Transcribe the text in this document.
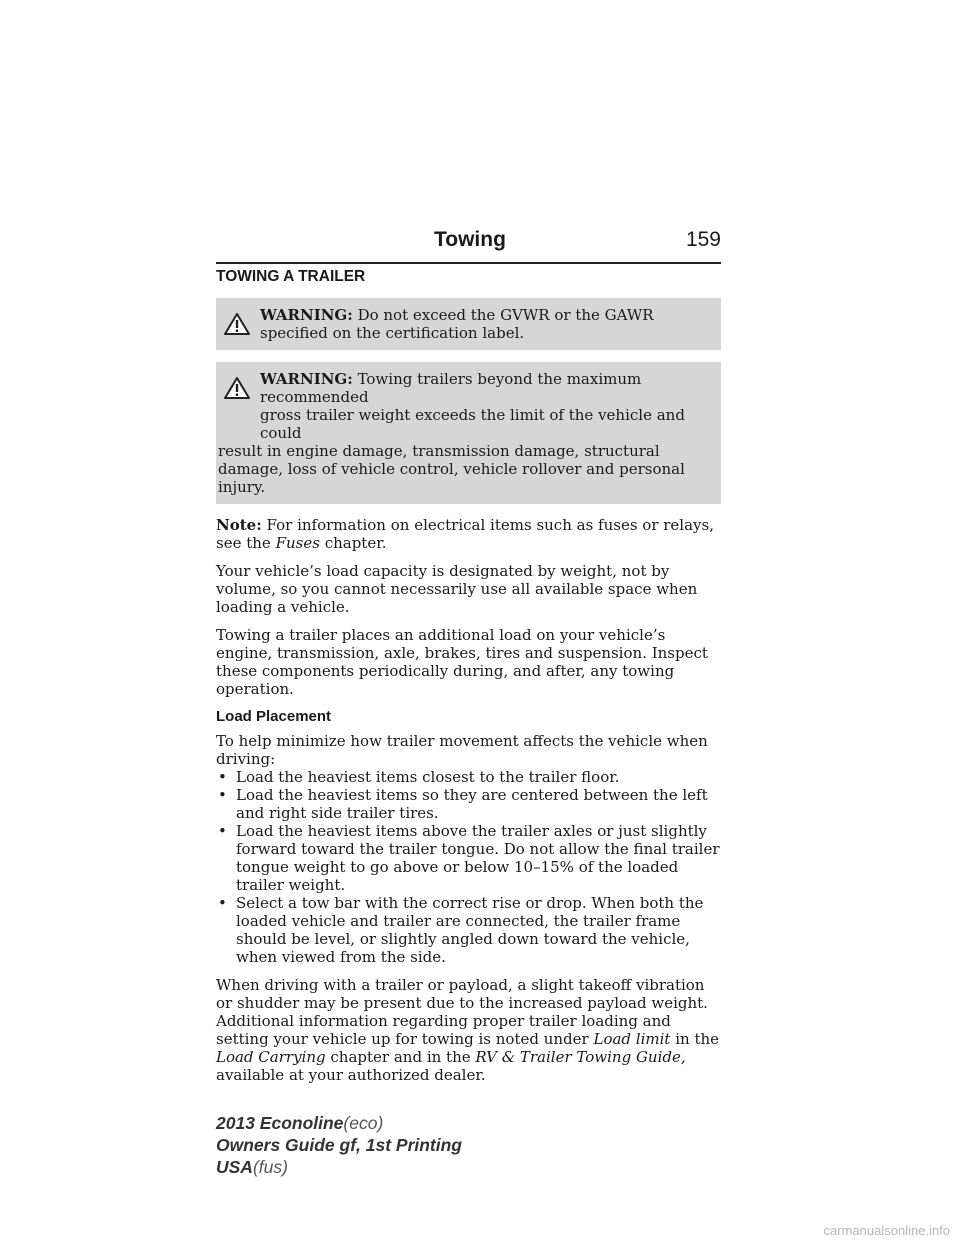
Towing	159
TOWING A TRAILER
WARNING: Do not exceed the GVWR or the GAWR specified on the certification label.
WARNING: Towing trailers beyond the maximum recommended
gross trailer weight exceeds the limit of the vehicle and could
result in engine damage, transmission damage, structural damage, loss of vehicle control, vehicle rollover and personal injury.

Note: For information on electrical items such as fuses or relays, see the Fuses chapter.

Your vehicle’s load capacity is designated by weight, not by volume, so you cannot necessarily use all available space when loading a vehicle.

Towing a trailer places an additional load on your vehicle’s engine, transmission, axle, brakes, tires and suspension. Inspect these components periodically during, and after, any towing operation.

Load Placement
To help minimize how trailer movement affects the vehicle when driving:
• Load the heaviest items closest to the trailer floor.
• Load the heaviest items so they are centered between the left and right side trailer tires.
• Load the heaviest items above the trailer axles or just slightly forward toward the trailer tongue. Do not allow the final trailer tongue weight to go above or below 10–15% of the loaded trailer weight.
• Select a tow bar with the correct rise or drop. When both the loaded vehicle and trailer are connected, the trailer frame should be level, or slightly angled down toward the vehicle, when viewed from the side.

When driving with a trailer or payload, a slight takeoff vibration or shudder may be present due to the increased payload weight. Additional information regarding proper trailer loading and setting your vehicle up for towing is noted under Load limit in the Load Carrying chapter and in the RV & Trailer Towing Guide, available at your authorized dealer.

2013 Econoline(eco)
Owners Guide gf, 1st Printing
USA(fus)
carmanualsonline.info
